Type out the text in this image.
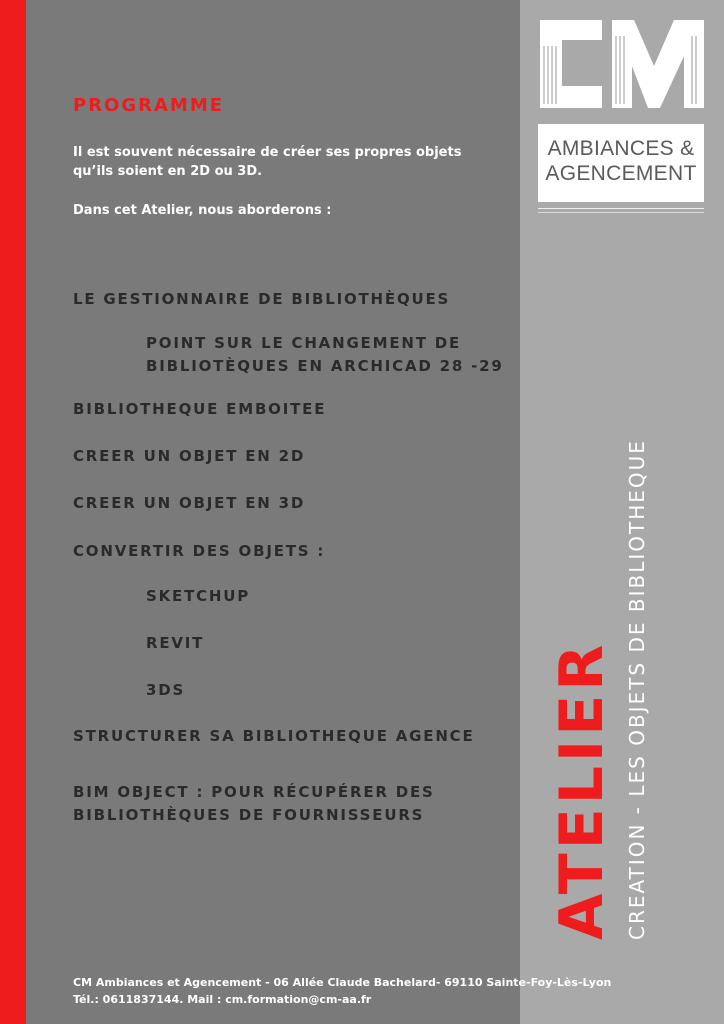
AMBIANCES &
AGENCEMENT
ATELIER CREATION - LES OBJETS DE BIBLIOTHEQUE
PROGRAMME
Il est souvent nécessaire de créer ses propres objets
qu’ils soient en 2D ou 3D.
Dans cet Atelier, nous aborderons :
LE GESTIONNAIRE DE BIBLIOTHÈQUES
POINT SUR LE CHANGEMENT DE
BIBLIOTÈQUES EN ARCHICAD 28 -29
BIBLIOTHEQUE EMBOITEE
CREER UN OBJET EN 2D
CREER UN OBJET EN 3D
CONVERTIR DES OBJETS :
SKETCHUP
REVIT
3DS
STRUCTURER SA BIBLIOTHEQUE AGENCE
BIM OBJECT : POUR RÉCUPÉRER DES
BIBLIOTHÈQUES DE FOURNISSEURS
CM Ambiances et Agencement - 06 Allée Claude Bachelard- 69110 Sainte-Foy-Lès-Lyon
Tél.: 0611837144. Mail : cm.formation@cm-aa.fr
